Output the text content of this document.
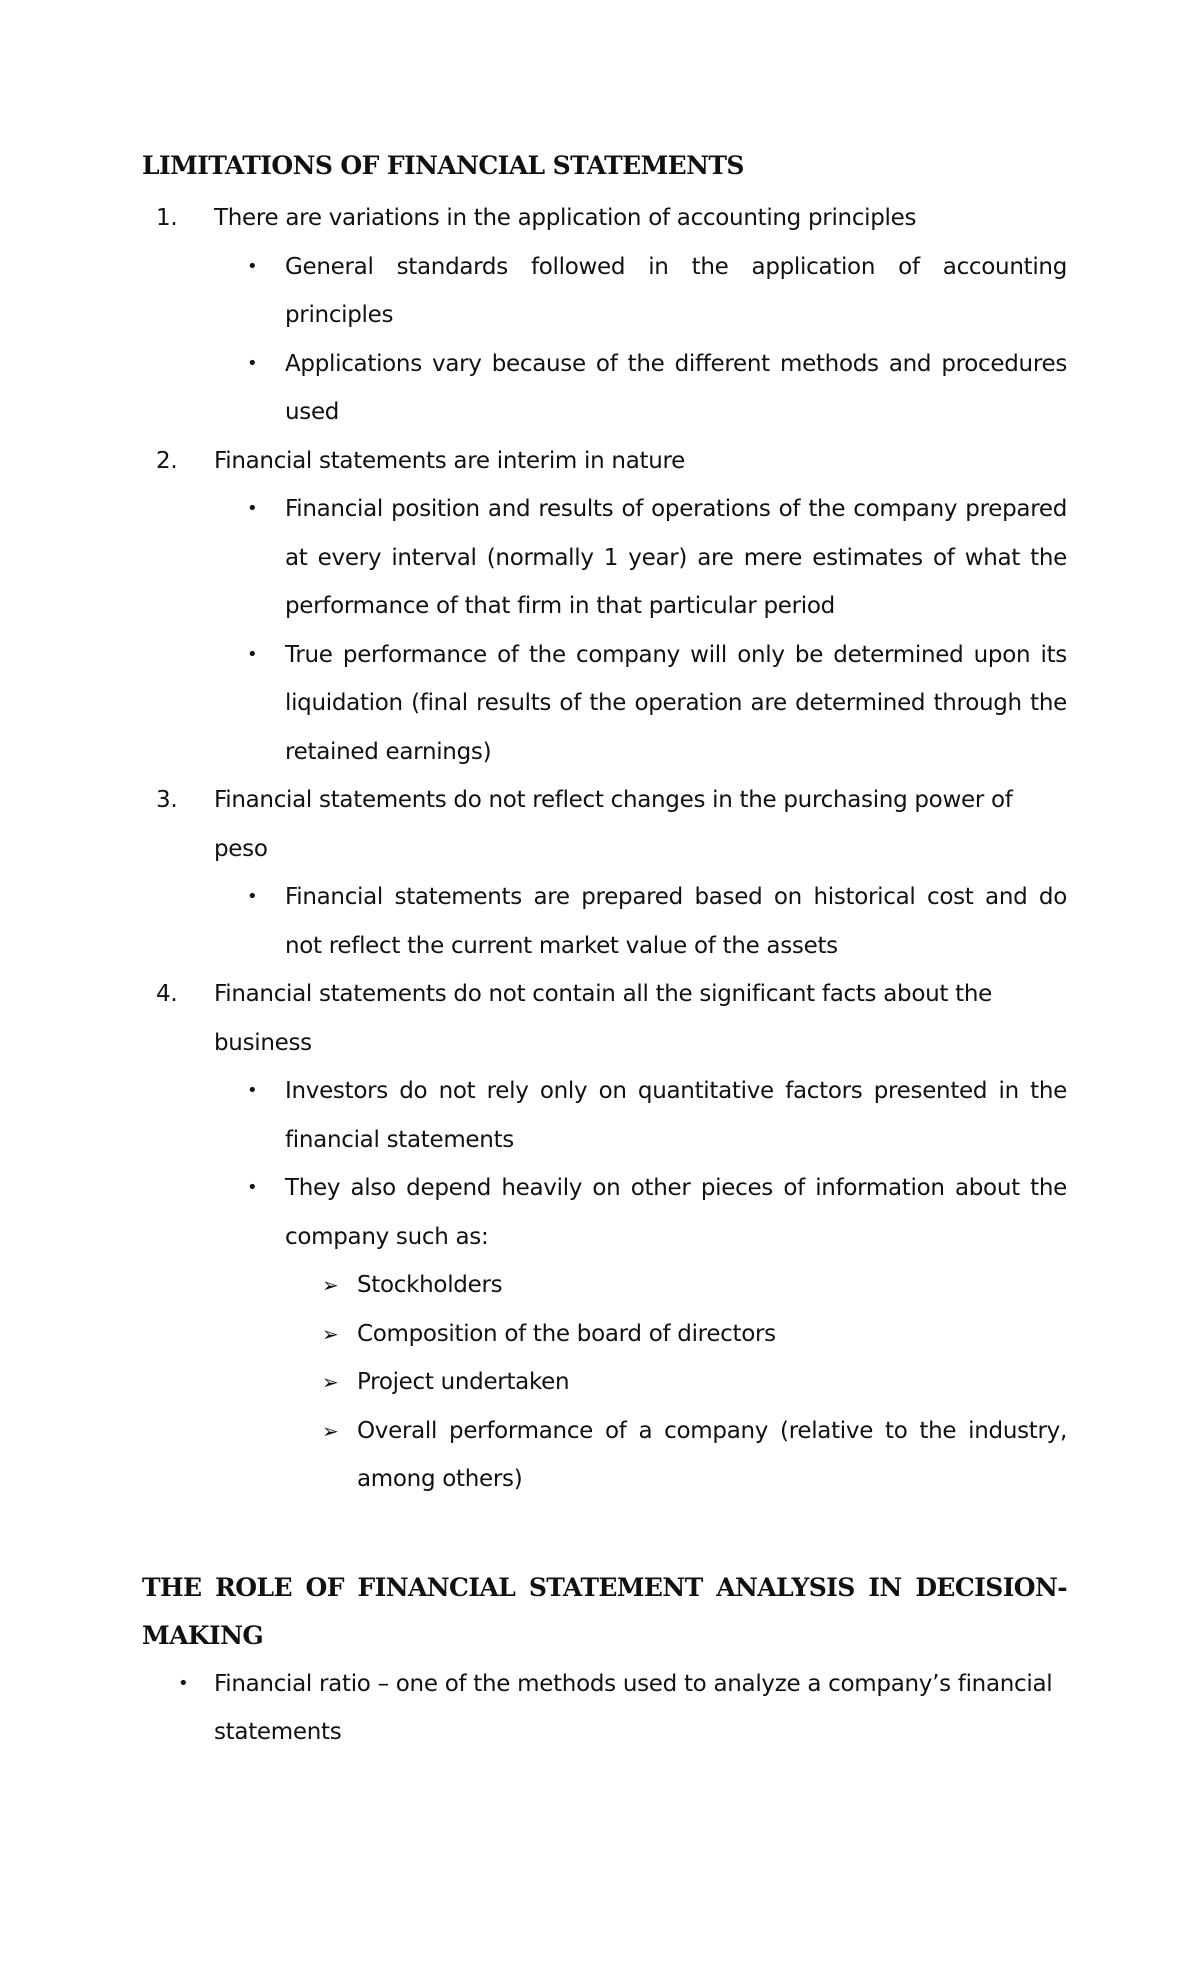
LIMITATIONS OF FINANCIAL STATEMENTS
1. There are variations in the application of accounting principles
• General standards followed in the application of accounting principles
• Applications vary because of the different methods and procedures used
2. Financial statements are interim in nature
• Financial position and results of operations of the company prepared at every interval (normally 1 year) are mere estimates of what the performance of that firm in that particular period
• True performance of the company will only be determined upon its liquidation (final results of the operation are determined through the retained earnings)
3. Financial statements do not reflect changes in the purchasing power of peso
• Financial statements are prepared based on historical cost and do not reflect the current market value of the assets
4. Financial statements do not contain all the significant facts about the business
• Investors do not rely only on quantitative factors presented in the financial statements
• They also depend heavily on other pieces of information about the company such as:
➢ Stockholders
➢ Composition of the board of directors
➢ Project undertaken
➢ Overall performance of a company (relative to the industry, among others)
THE ROLE OF FINANCIAL STATEMENT ANALYSIS IN DECISION-MAKING
• Financial ratio – one of the methods used to analyze a company’s financial statements
